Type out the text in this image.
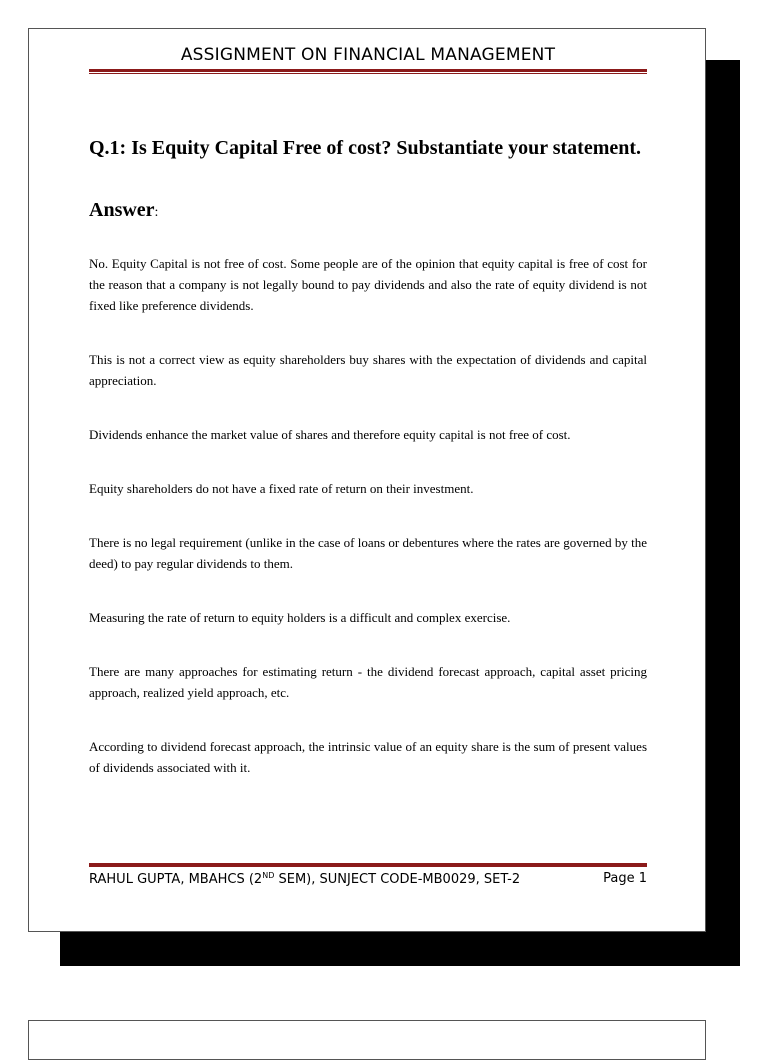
ASSIGNMENT ON FINANCIAL MANAGEMENT

Q.1: Is Equity Capital Free of cost? Substantiate your statement.

Answer:

No. Equity Capital is not free of cost. Some people are of the opinion that equity capital is free of cost for the reason that a company is not legally bound to pay dividends and also the rate of equity dividend is not fixed like preference dividends.

This is not a correct view as equity shareholders buy shares with the expectation of dividends and capital appreciation.

Dividends enhance the market value of shares and therefore equity capital is not free of cost.

Equity shareholders do not have a fixed rate of return on their investment.

There is no legal requirement (unlike in the case of loans or debentures where the rates are governed by the deed) to pay regular dividends to them.

Measuring the rate of return to equity holders is a difficult and complex exercise.

There are many approaches for estimating return - the dividend forecast approach, capital asset pricing approach, realized yield approach, etc.

According to dividend forecast approach, the intrinsic value of an equity share is the sum of present values of dividends associated with it.

RAHUL GUPTA, MBAHCS (2ND SEM), SUNJECT CODE-MB0029, SET-2	Page 1
